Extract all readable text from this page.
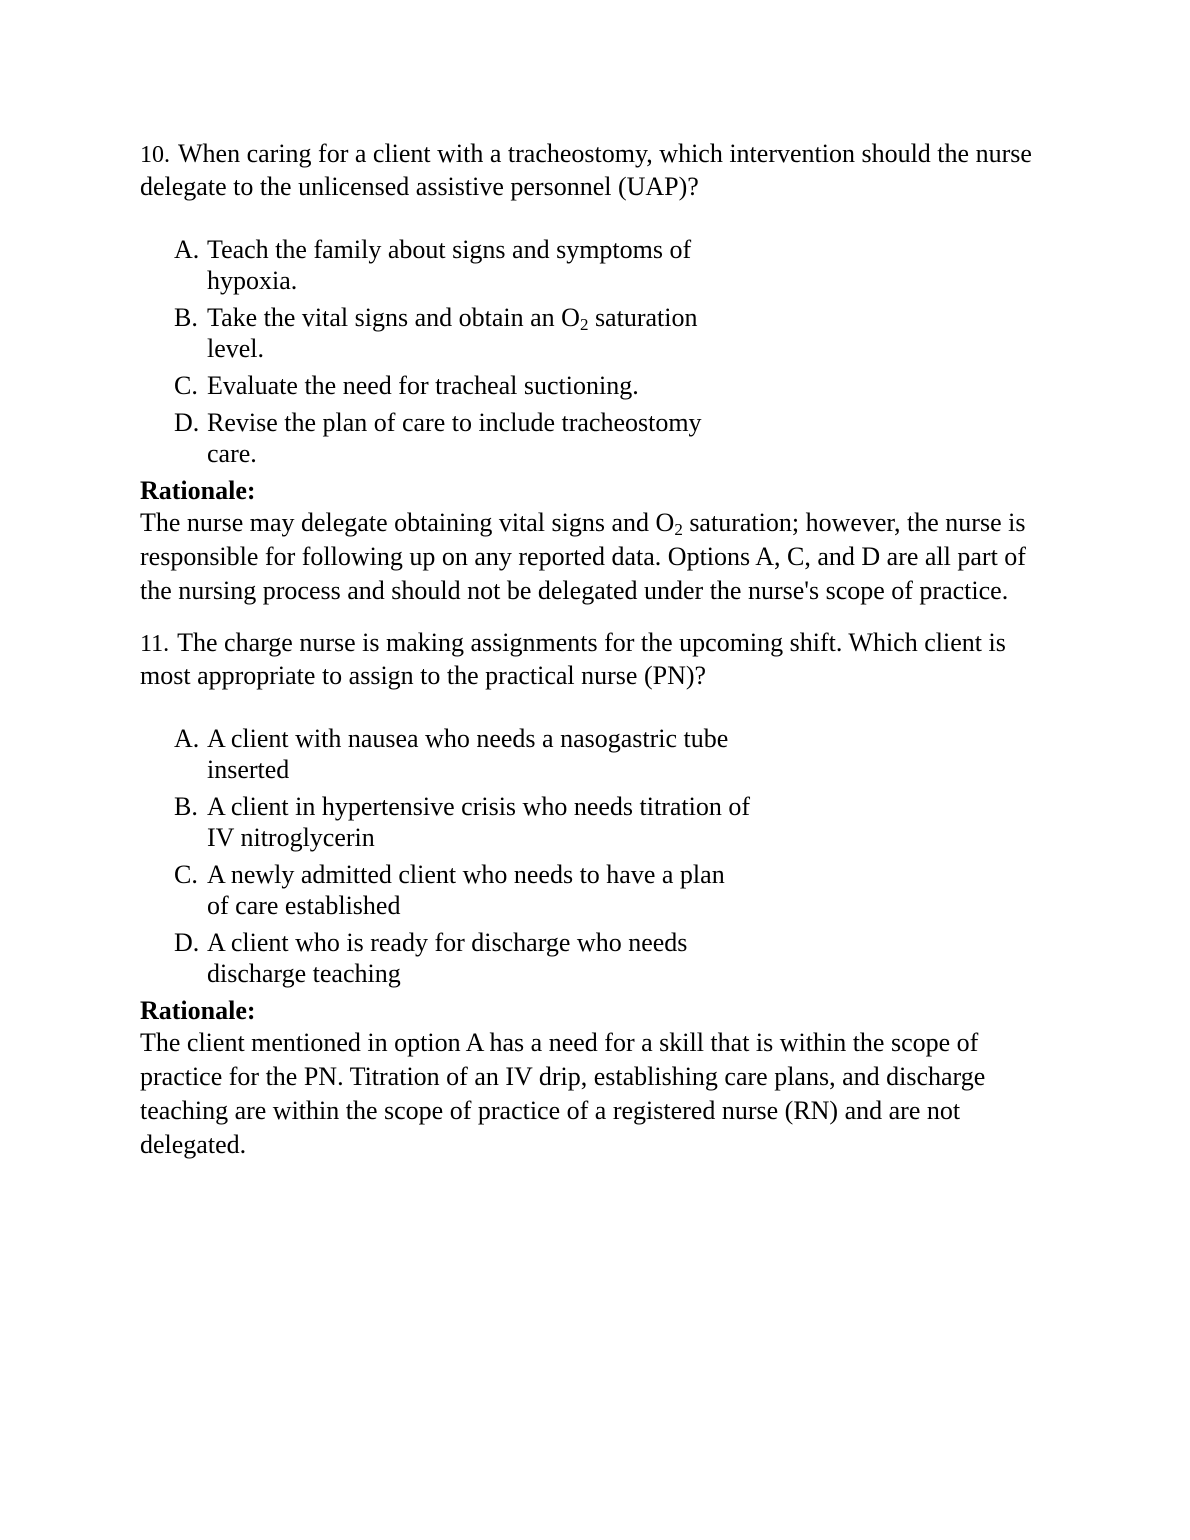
10. When caring for a client with a tracheostomy, which intervention should the nurse delegate to the unlicensed assistive personnel (UAP)?

A. Teach the family about signs and symptoms of hypoxia.
B. Take the vital signs and obtain an $O_2$ saturation level.
C. Evaluate the need for tracheal suctioning.
D. Revise the plan of care to include tracheostomy care.

Rationale:

The nurse may delegate obtaining vital signs and $O_2$ saturation; however, the nurse is responsible for following up on any reported data. Options A, C, and D are all part of the nursing process and should not be delegated under the nurse's scope of practice.

11. The charge nurse is making assignments for the upcoming shift. Which client is most appropriate to assign to the practical nurse (PN)?

A. A client with nausea who needs a nasogastric tube inserted
B. A client in hypertensive crisis who needs titration of IV nitroglycerin
C. A newly admitted client who needs to have a plan of care established
D. A client who is ready for discharge who needs discharge teaching

Rationale:

The client mentioned in option A has a need for a skill that is within the scope of practice for the PN. Titration of an IV drip, establishing care plans, and discharge teaching are within the scope of practice of a registered nurse (RN) and are not delegated.
